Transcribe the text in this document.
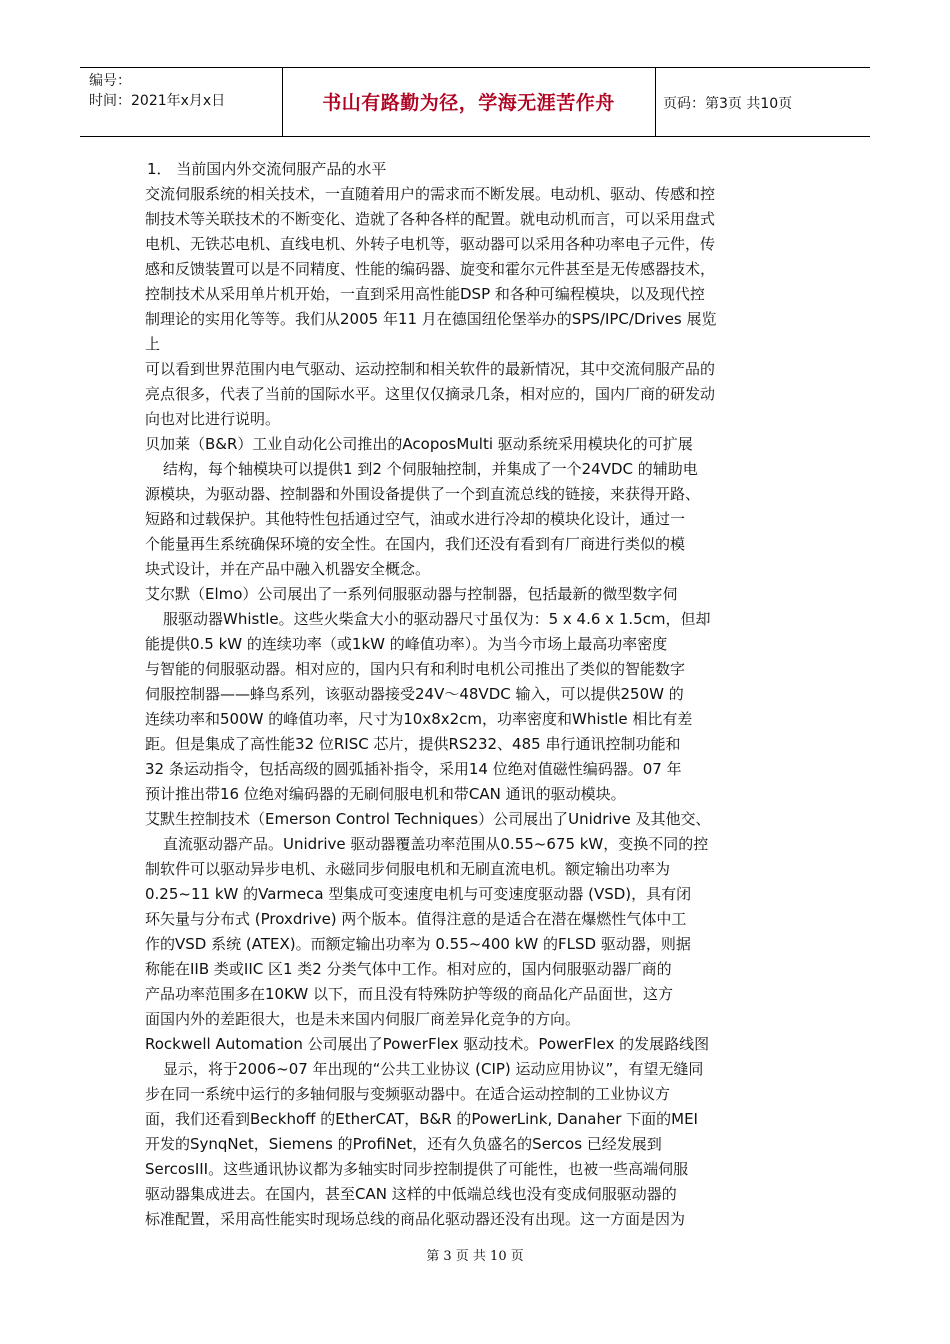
编号：
时间：2021年x月x日	书山有路勤为径，学海无涯苦作舟	页码：第3页 共10页
1． 当前国内外交流伺服产品的水平
交流伺服系统的相关技术，一直随着用户的需求而不断发展。电动机、驱动、传感和控
制技术等关联技术的不断变化、造就了各种各样的配置。就电动机而言，可以采用盘式
电机、无铁芯电机、直线电机、外转子电机等，驱动器可以采用各种功率电子元件，传
感和反馈装置可以是不同精度、性能的编码器、旋变和霍尔元件甚至是无传感器技术，
控制技术从采用单片机开始，一直到采用高性能DSP 和各种可编程模块，以及现代控
制理论的实用化等等。我们从2005 年11 月在德国纽伦堡举办的SPS/IPC/Drives 展览
上
可以看到世界范围内电气驱动、运动控制和相关软件的最新情况，其中交流伺服产品的
亮点很多，代表了当前的国际水平。这里仅仅摘录几条，相对应的，国内厂商的研发动
向也对比进行说明。
贝加莱（B&R）工业自动化公司推出的AcoposMulti 驱动系统采用模块化的可扩展
结构，每个轴模块可以提供1 到2 个伺服轴控制，并集成了一个24VDC 的辅助电
源模块，为驱动器、控制器和外围设备提供了一个到直流总线的链接，来获得开路、
短路和过载保护。其他特性包括通过空气，油或水进行冷却的模块化设计，通过一
个能量再生系统确保环境的安全性。在国内，我们还没有看到有厂商进行类似的模
块式设计，并在产品中融入机器安全概念。
艾尔默（Elmo）公司展出了一系列伺服驱动器与控制器，包括最新的微型数字伺
服驱动器Whistle。这些火柴盒大小的驱动器尺寸虽仅为：5 x 4.6 x 1.5cm，但却
能提供0.5 kW 的连续功率（或1kW 的峰值功率）。为当今市场上最高功率密度
与智能的伺服驱动器。相对应的，国内只有和利时电机公司推出了类似的智能数字
伺服控制器——蜂鸟系列，该驱动器接受24V～48VDC 输入，可以提供250W 的
连续功率和500W 的峰值功率，尺寸为10x8x2cm，功率密度和Whistle 相比有差
距。但是集成了高性能32 位RISC 芯片，提供RS232、485 串行通讯控制功能和
32 条运动指令，包括高级的圆弧插补指令，采用14 位绝对值磁性编码器。07 年
预计推出带16 位绝对编码器的无刷伺服电机和带CAN 通讯的驱动模块。
艾默生控制技术（Emerson Control Techniques）公司展出了Unidrive 及其他交、
直流驱动器产品。Unidrive 驱动器覆盖功率范围从0.55~675 kW，变换不同的控
制软件可以驱动异步电机、永磁同步伺服电机和无刷直流电机。额定输出功率为
0.25~11 kW 的Varmeca 型集成可变速度电机与可变速度驱动器 (VSD)，具有闭
环矢量与分布式 (Proxdrive) 两个版本。值得注意的是适合在潜在爆燃性气体中工
作的VSD 系统 (ATEX)。而额定输出功率为 0.55~400 kW 的FLSD 驱动器，则据
称能在IIB 类或IIC 区1 类2 分类气体中工作。相对应的，国内伺服驱动器厂商的
产品功率范围多在10KW 以下，而且没有特殊防护等级的商品化产品面世，这方
面国内外的差距很大，也是未来国内伺服厂商差异化竞争的方向。
Rockwell Automation 公司展出了PowerFlex 驱动技术。PowerFlex 的发展路线图
显示，将于2006~07 年出现的“公共工业协议 (CIP) 运动应用协议”，有望无缝同
步在同一系统中运行的多轴伺服与变频驱动器中。在适合运动控制的工业协议方
面，我们还看到Beckhoff 的EtherCAT，B&R 的PowerLink, Danaher 下面的MEI
开发的SynqNet，Siemens 的ProfiNet，还有久负盛名的Sercos 已经发展到
SercosIII。这些通讯协议都为多轴实时同步控制提供了可能性，也被一些高端伺服
驱动器集成进去。在国内，甚至CAN 这样的中低端总线也没有变成伺服驱动器的
标准配置，采用高性能实时现场总线的商品化驱动器还没有出现。这一方面是因为
第 3 页 共 10 页
